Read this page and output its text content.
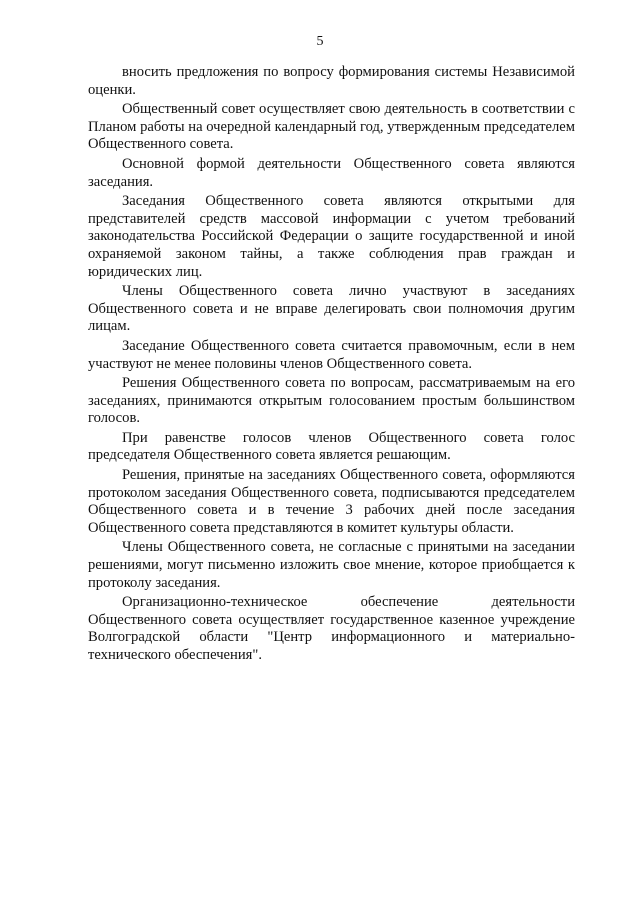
5

вносить предложения по вопросу формирования системы Независимой оценки.

Общественный совет осуществляет свою деятельность в соответствии с Планом работы на очередной календарный год, утвержденным председателем Общественного совета.

Основной формой деятельности Общественного совета являются заседания.

Заседания Общественного совета являются открытыми для представителей средств массовой информации с учетом требований законодательства Российской Федерации о защите государственной и иной охраняемой законом тайны, а также соблюдения прав граждан и юридических лиц.

Члены Общественного совета лично участвуют в заседаниях Общественного совета и не вправе делегировать свои полномочия другим лицам.

Заседание Общественного совета считается правомочным, если в нем участвуют не менее половины членов Общественного совета.

Решения Общественного совета по вопросам, рассматриваемым на его заседаниях, принимаются открытым голосованием простым большинством голосов.

При равенстве голосов членов Общественного совета голос председателя Общественного совета является решающим.

Решения, принятые на заседаниях Общественного совета, оформляются протоколом заседания Общественного совета, подписываются председателем Общественного совета и в течение 3 рабочих дней после заседания Общественного совета представляются в комитет культуры области.

Члены Общественного совета, не согласные с принятыми на заседании решениями, могут письменно изложить свое мнение, которое приобщается к протоколу заседания.

Организационно-техническое обеспечение деятельности Общественного совета осуществляет государственное казенное учреждение Волгоградской области "Центр информационного и материально-технического обеспечения".
